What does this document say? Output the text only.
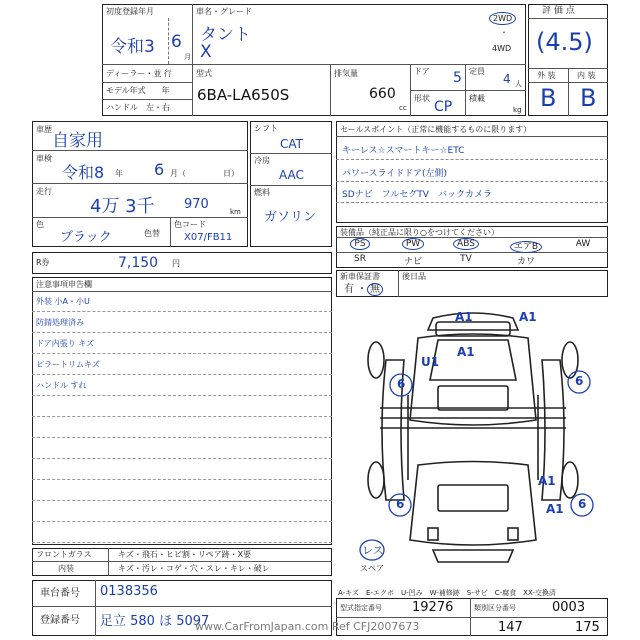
初度登録年月
令和3 6
月
車名・グレード
タント
X
2WD
・
4WD
ディーラー・並 行
モデル年式　　年
ハンドル　左・右
型式
6BA-LA650S
排気量
660
cc
ドア 5 定員
4 人
形状
CP
積載
kg
評 価 点
(4.5)
外 装	内 装
B B
車歴
自家用
車検
令和8 年 6 月（	日）
走行
4万 3千 970	km
色
ブラック	色替
色コード
X07/FB11
シフト
CAT
冷房
AAC
燃料
ガソリン
R券	7,150 円
セールスポイント（正常に機能するものに限ります）
キーレス☆スマートキー☆ETC
パワースライドドア(左側)
SDナビ　フルセグTV　バックカメラ
装備品（純正品に限り○をつけてください）
PS	PW	ABS	エアB	AW
SR	ナビ	TV	カワ
新車保証書
有 ・ 無
後日品
外装 小A・小U
防錆処理済み
ドア内張り キズ
ピラートリムキズ
ハンドル すれ
注意事項申告欄
フロントガラス	キズ・飛石・ヒビ割・リペア跡・X要
内装	キズ・汚レ・コゲ・穴・スレ・キレ・破レ
車台番号 0138356
登録番号 足立 580 ほ 5097
A1	A1
A1
U1
6	6
6	6
A1
A1
レス
スペア
A-キズ　E-エクボ　U-凹み　W-補修跡　S-サビ　C-腐食　XX-交換済
型式指定番号 19276	類別区分番号	0003
147	175
www.CarFromJapan.com Ref CFJ2007673
